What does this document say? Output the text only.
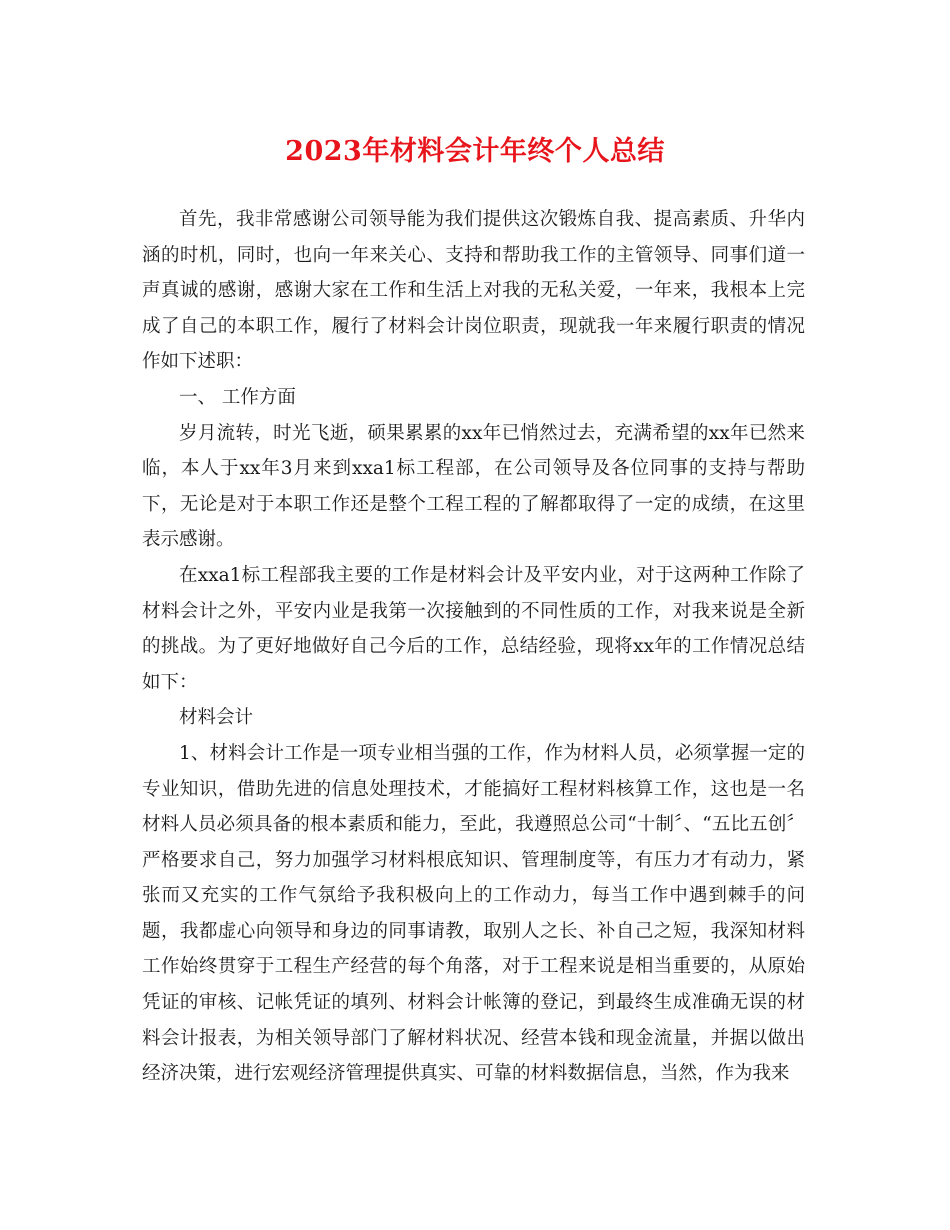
2023年材料会计年终个人总结

首先，我非常感谢公司领导能为我们提供这次锻炼自我、提高素质、升华内涵的时机，同时，也向一年来关心、支持和帮助我工作的主管领导、同事们道一声真诚的感谢，感谢大家在工作和生活上对我的无私关爱，一年来，我根本上完成了自己的本职工作，履行了材料会计岗位职责，现就我一年来履行职责的情况作如下述职：

一、 工作方面

岁月流转，时光飞逝，硕果累累的xx年已悄然过去，充满希望的xx年已然来临，本人于xx年3月来到xxa1标工程部，在公司领导及各位同事的支持与帮助下，无论是对于本职工作还是整个工程工程的了解都取得了一定的成绩，在这里表示感谢。

在xxa1标工程部我主要的工作是材料会计及平安内业，对于这两种工作除了材料会计之外，平安内业是我第一次接触到的不同性质的工作，对我来说是全新的挑战。为了更好地做好自己今后的工作，总结经验，现将xx年的工作情况总结如下：

材料会计

1、材料会计工作是一项专业相当强的工作，作为材料人员，必须掌握一定的专业知识，借助先进的信息处理技术，才能搞好工程材料核算工作，这也是一名材料人员必须具备的根本素质和能力，至此，我遵照总公司“十制〞、“五比五创〞严格要求自己，努力加强学习材料根底知识、管理制度等，有压力才有动力，紧张而又充实的工作气氛给予我积极向上的工作动力，每当工作中遇到棘手的问题，我都虚心向领导和身边的同事请教，取别人之长、补自己之短，我深知材料工作始终贯穿于工程生产经营的每个角落，对于工程来说是相当重要的，从原始凭证的审核、记帐凭证的填列、材料会计帐簿的登记，到最终生成准确无误的材料会计报表，为相关领导部门了解材料状况、经营本钱和现金流量，并据以做出经济决策，进行宏观经济管理提供真实、可靠的材料数据信息，当然，作为我来
